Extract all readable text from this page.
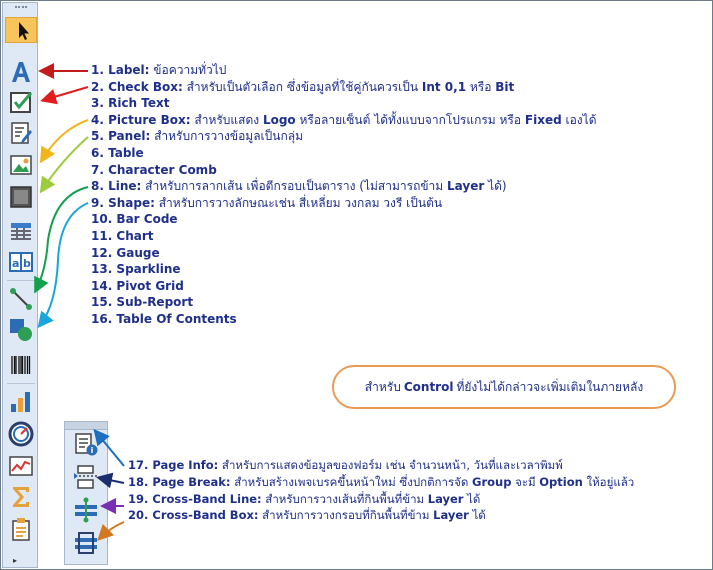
a b
▸
i
1. Label: ข้อความทั่วไป
2. Check Box: สำหรับเป็นตัวเลือก ซึ่งข้อมูลที่ใช้คู่กันควรเป็น Int 0,1 หรือ Bit
3. Rich Text
4. Picture Box: สำหรับแสดง Logo หรือลายเซ็นต์ ได้ทั้งแบบจากโปรแกรม หรือ Fixed เองได้
5. Panel: สำหรับการวางข้อมูลเป็นกลุ่ม
6. Table
7. Character Comb
8. Line: สำหรับการลากเส้น เพื่อตีกรอบเป็นตาราง (ไม่สามารถข้าม Layer ได้)
9. Shape: สำหรับการวางลักษณะเช่น สี่เหลี่ยม วงกลม วงรี เป็นต้น
10. Bar Code
11. Chart
12. Gauge
13. Sparkline
14. Pivot Grid
15. Sub-Report
16. Table Of Contents
สำหรับ Control ที่ยังไม่ได้กล่าวจะเพิ่มเติมในภายหลัง
17. Page Info: สำหรับการแสดงข้อมูลของฟอร์ม เช่น จำนวนหน้า, วันที่และเวลาพิมพ์
18. Page Break: สำหรับสร้างเพจเบรคขึ้นหน้าใหม่ ซึ่งปกติการจัด Group จะมี Option ให้อยู่แล้ว
19. Cross-Band Line: สำหรับการวางเส้นที่กินพื้นที่ข้าม Layer ได้
20. Cross-Band Box: สำหรับการวางกรอบที่กินพื้นที่ข้าม Layer ได้
